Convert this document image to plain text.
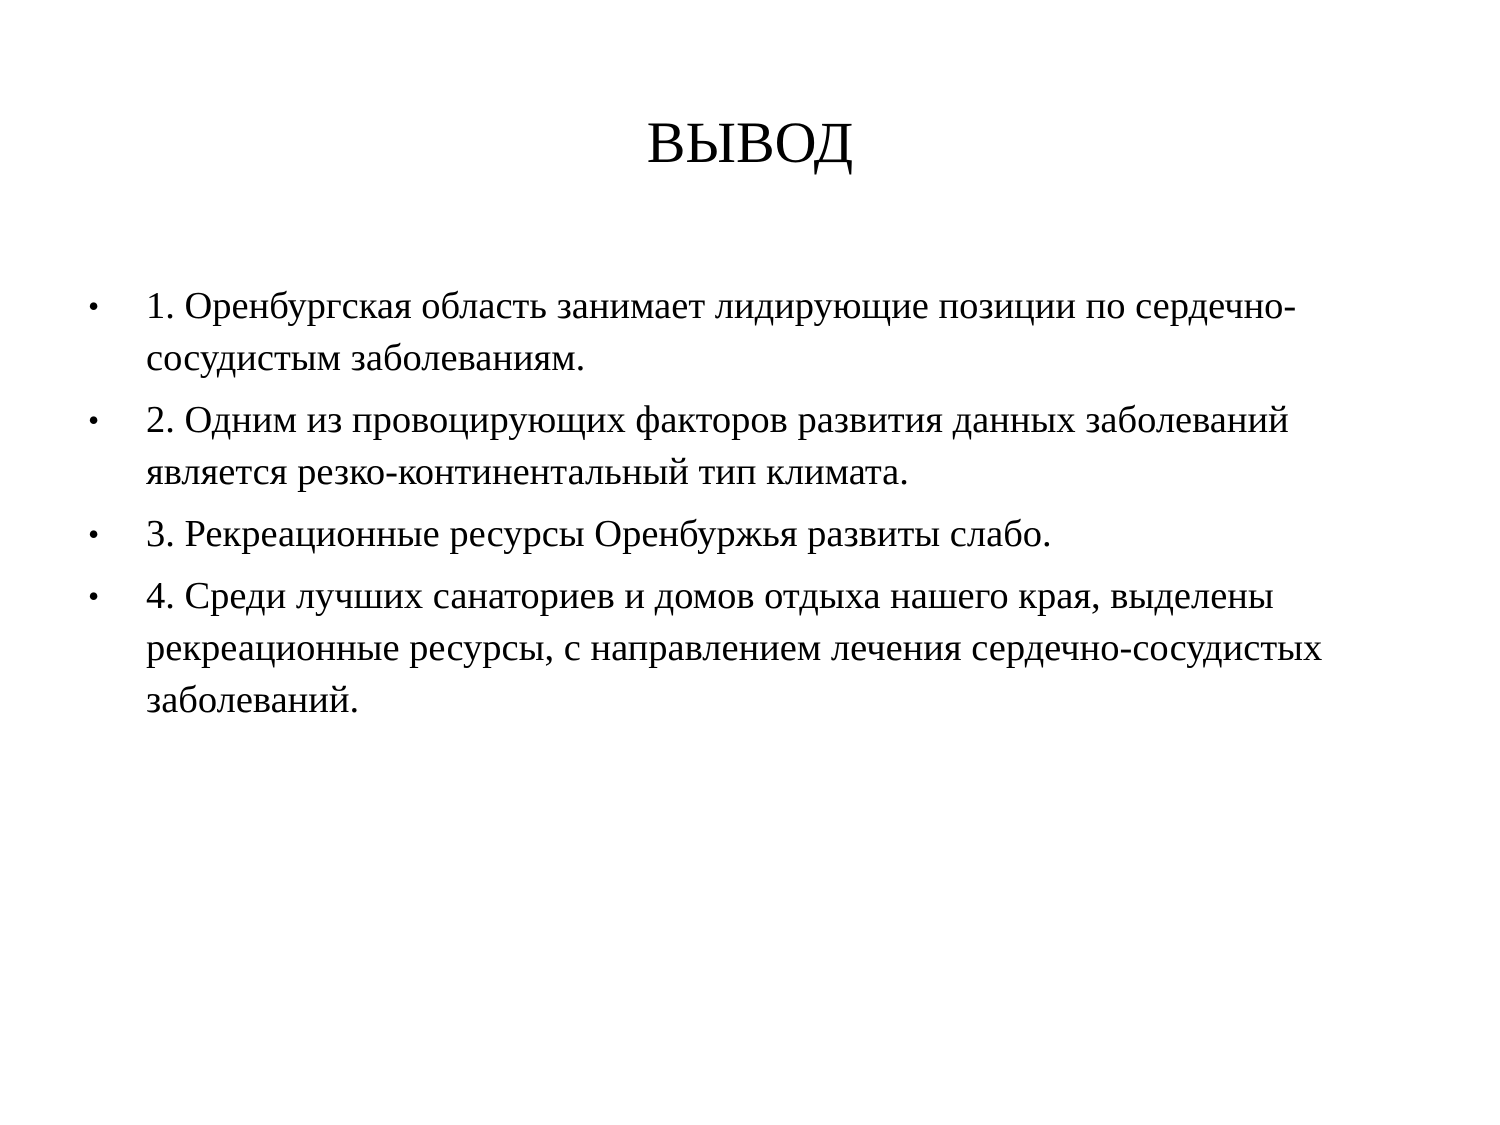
ВЫВОД
•	1. Оренбургская область занимает лидирующие позиции по сердечно-сосудистым заболеваниям.
•	2. Одним из провоцирующих факторов развития данных заболеваний является резко-континентальный тип климата.
•	3. Рекреационные ресурсы Оренбуржья развиты слабо.
•	4. Среди лучших санаториев и домов отдыха нашего края, выделены рекреационные ресурсы, с направлением лечения сердечно-сосудистых заболеваний.
